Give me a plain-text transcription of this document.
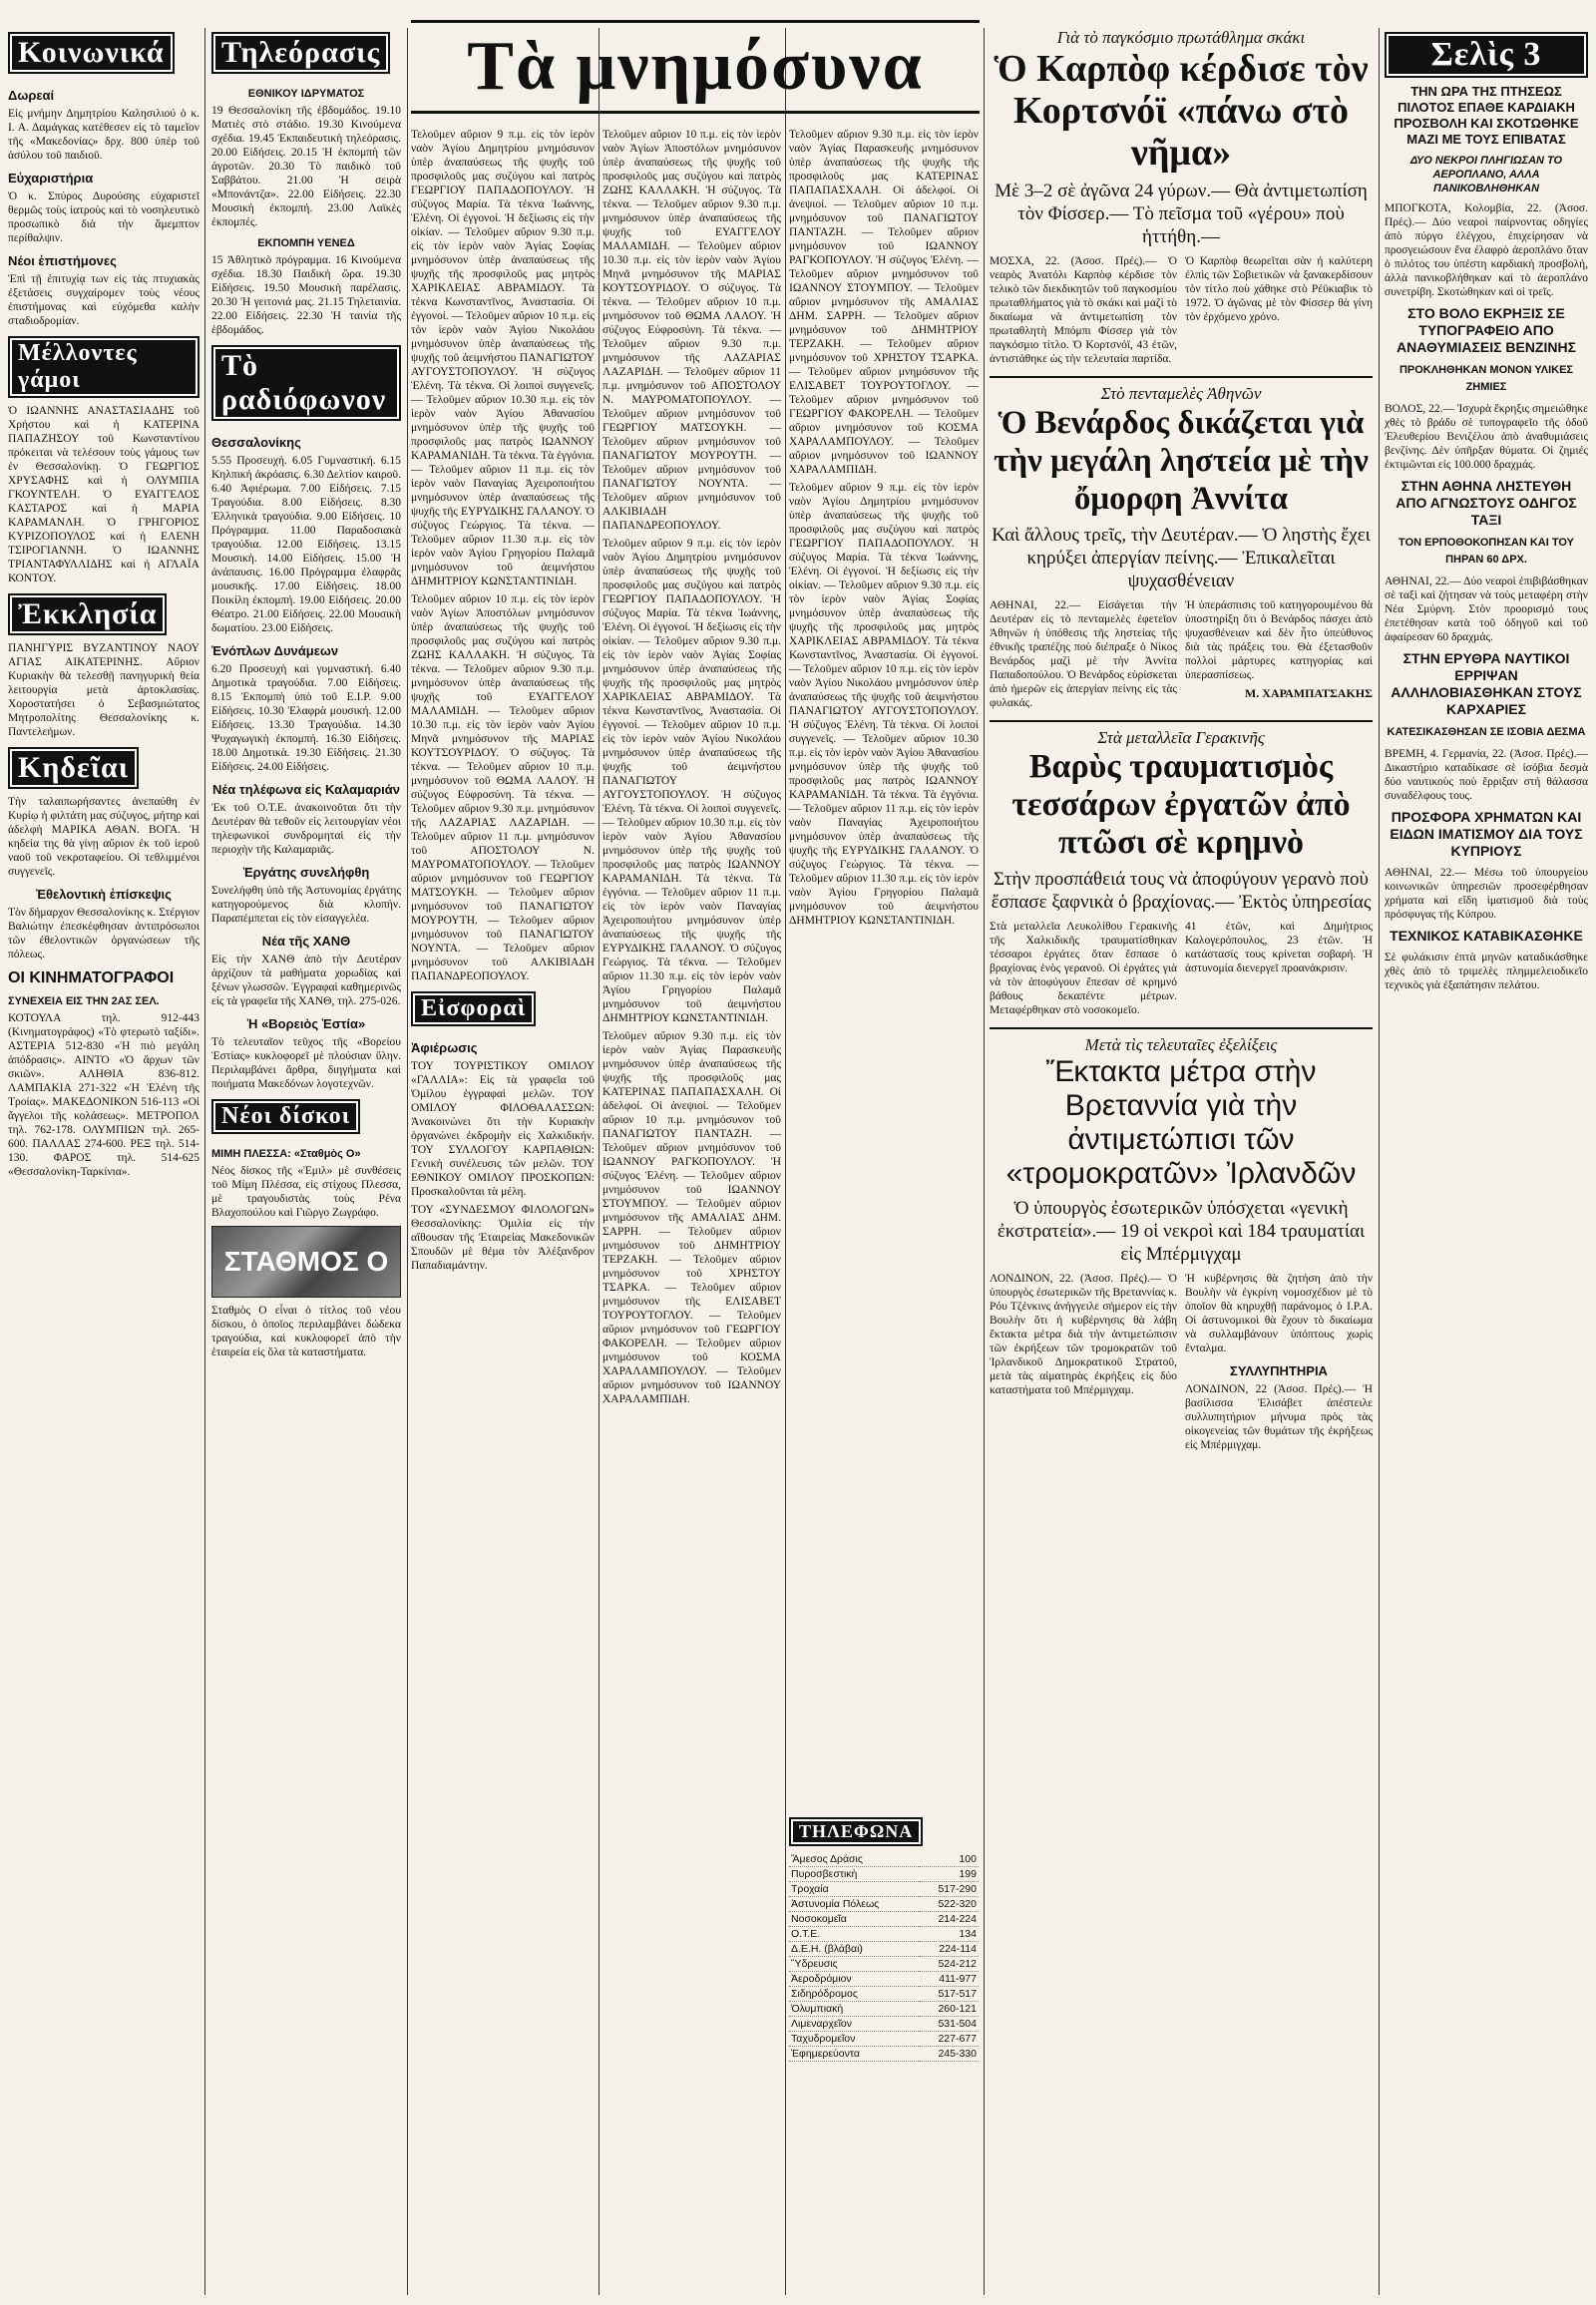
Κοινωνικά
Δωρεαί

Εἰς μνήμην Δημητρίου Καλησιλιού ὁ κ. Ι. Α. Δαμάγκας κατέθεσεν εἰς τὸ ταμεῖον τῆς «Μακεδονίας» δρχ. 800 ὑπὲρ τοῦ ἀσύλου τοῦ παιδιοῦ.

Εὐχαριστήρια

Ὁ κ. Σπύρος Δυρούσης εὐχαριστεῖ θερμῶς τοὺς ἰατροὺς καὶ τὸ νοσηλευτικὸ προσωπικὸ διὰ τὴν ἄμεμπτον περίθαλψιν.

Νέοι ἐπιστήμονες

Ἐπὶ τῇ ἐπιτυχίᾳ των εἰς τὰς πτυχιακὰς ἐξετάσεις συγχαίρομεν τοὺς νέους ἐπιστήμονας καὶ εὐχόμεθα καλὴν σταδιοδρομίαν.

Μέλλοντες γάμοι

Ὁ ΙΩΑΝΝΗΣ ΑΝΑΣΤΑΣΙΑΔΗΣ τοῦ Χρήστου καὶ ἡ ΚΑΤΕΡΙΝΑ ΠΑΠΑΖΗΣΟΥ τοῦ Κωνσταντίνου πρόκειται νὰ τελέσουν τοὺς γάμους των ἐν Θεσσαλονίκῃ. Ὁ ΓΕΩΡΓΙΟΣ ΧΡΥΣΑΦΗΣ καὶ ἡ ΟΛΥΜΠΙΑ ΓΚΟΥΝΤΕΛΗ. Ὁ ΕΥΑΓΓΕΛΟΣ ΚΑΣΤΑΡΟΣ καὶ ἡ ΜΑΡΙΑ ΚΑΡΑΜΑΝΛΗ. Ὁ ΓΡΗΓΟΡΙΟΣ ΚΥΡΙΖΟΠΟΥΛΟΣ καὶ ἡ ΕΛΕΝΗ ΤΣΙΡΟΓΙΑΝΝΗ. Ὁ ΙΩΑΝΝΗΣ ΤΡΙΑΝΤΑΦΥΛΛΙΔΗΣ καὶ ἡ ΑΓΛΑΪΑ ΚΟΝΤΟΥ.

Ἐκκλησία

ΠΑΝΗΓΥΡΙΣ ΒΥΖΑΝΤΙΝΟΥ ΝΑΟΥ ΑΓΙΑΣ ΑΙΚΑΤΕΡΙΝΗΣ. Αὔριον Κυριακὴν θὰ τελεσθῇ πανηγυρικὴ θεία λειτουργία μετὰ ἀρτοκλασίας. Χοροστατήσει ὁ Σεβασμιώτατος Μητροπολίτης Θεσσαλονίκης κ. Παντελεήμων.

Κηδεῖαι

Τὴν ταλαιπωρήσαντες ἀνεπαύθη ἐν Κυρίῳ ἡ φιλτάτη μας σύζυγος, μήτηρ καὶ ἀδελφὴ ΜΑΡΙΚΑ ΑΘΑΝ. ΒΟΓΑ. Ἡ κηδεία της θὰ γίνῃ αὔριον ἐκ τοῦ ἱεροῦ ναοῦ τοῦ νεκροταφείου. Οἱ τεθλιμμένοι συγγενεῖς.

Ἐθελοντικὴ ἐπίσκεψις

Τὸν δήμαρχον Θεσσαλονίκης κ. Στέργιον Βαλιώτην ἐπεσκέφθησαν ἀντιπρόσωποι τῶν ἐθελοντικῶν ὀργανώσεων τῆς πόλεως.

ΟΙ ΚΙΝΗΜΑΤΟΓΡΑΦΟΙ
ΣΥΝΕΧΕΙΑ ΕΙΣ ΤΗΝ 2ΑΣ ΣΕΛ.

ΚΟΤΟΥΛΑ τηλ. 912-443 (Κινηματογράφος) «Τὸ φτερωτὸ ταξίδι». ΑΣΤΕΡΙΑ 512-830 «Ἡ πιὸ μεγάλη ἀπόδρασις». ΑΙΝΤΟ «Ὁ ἄρχων τῶν σκιῶν». ΑΛΗΘΙΑ 836-812. ΛΑΜΠΑΚΙΑ 271-322 «Ἡ Ἑλένη τῆς Τροίας». ΜΑΚΕΔΟΝΙΚΟΝ 516-113 «Οἱ ἄγγελοι τῆς κολάσεως». ΜΕΤΡΟΠΟΛ τηλ. 762-178. ΟΛΥΜΠΙΩΝ τηλ. 265-600. ΠΑΛΛΑΣ 274-600. ΡΕΞ τηλ. 514-130. ΦΑΡΟΣ τηλ. 514-625 «Θεσσαλονίκη-Ταρκίνια».

Τηλεόρασις
ΕΘΝΙΚΟΥ ΙΔΡΥΜΑΤΟΣ

19 Θεσσαλονίκη τῆς ἑβδομάδος. 19.10 Ματιὲς στὸ στάδιο. 19.30 Κινούμενα σχέδια. 19.45 Ἐκπαιδευτικὴ τηλεόρασις. 20.00 Εἰδήσεις. 20.15 Ἡ ἐκπομπὴ τῶν ἀγροτῶν. 20.30 Τὸ παιδικὸ τοῦ Σαββάτου. 21.00 Ἡ σειρὰ «Μπονάντζα». 22.00 Εἰδήσεις. 22.30 Μουσικὴ ἐκπομπή. 23.00 Λαϊκὲς ἐκπομπές.

ΕΚΠΟΜΠΗ ΥΕΝΕΔ

15 Ἀθλητικὸ πρόγραμμα. 16 Κινούμενα σχέδια. 18.30 Παιδικὴ ὥρα. 19.30 Εἰδήσεις. 19.50 Μουσικὴ παρέλασις. 20.30 Ἡ γειτονιά μας. 21.15 Τηλεταινία. 22.00 Εἰδήσεις. 22.30 Ἡ ταινία τῆς ἑβδομάδος.

Τὸ ραδιόφωνον
Θεσσαλονίκης

5.55 Προσευχή. 6.05 Γυμναστική. 6.15 Κηλπική ἀκρόασις. 6.30 Δελτίον καιροῦ. 6.40 Ἀφιέρωμα. 7.00 Εἰδήσεις. 7.15 Τραγούδια. 8.00 Εἰδήσεις. 8.30 Ἑλληνικὰ τραγούδια. 9.00 Εἰδήσεις. 10 Πρόγραμμα. 11.00 Παραδοσιακὰ τραγούδια. 12.00 Εἰδήσεις. 13.15 Μουσικὴ. 14.00 Εἰδήσεις. 15.00 Ἡ ἀνάπαυσις. 16.00 Πρόγραμμα ἐλαφρᾶς μουσικῆς. 17.00 Εἰδήσεις. 18.00 Ποικίλη ἐκπομπή. 19.00 Εἰδήσεις. 20.00 Θέατρο. 21.00 Εἰδήσεις. 22.00 Μουσικὴ δωματίου. 23.00 Εἰδήσεις.

Ἐνόπλων Δυνάμεων

6.20 Προσευχὴ καὶ γυμναστική. 6.40 Δημοτικὰ τραγούδια. 7.00 Εἰδήσεις. 8.15 Ἐκπομπὴ ὑπὸ τοῦ Ε.Ι.Ρ. 9.00 Εἰδήσεις. 10.30 Ἐλαφρὰ μουσική. 12.00 Εἰδήσεις. 13.30 Τραγούδια. 14.30 Ψυχαγωγικὴ ἐκπομπή. 16.30 Εἰδήσεις. 18.00 Δημοτικὰ. 19.30 Εἰδήσεις. 21.30 Εἰδήσεις. 24.00 Εἰδήσεις.

Νέα τηλέφωνα εἰς Καλαμαριάν

Ἐκ τοῦ Ο.Τ.Ε. ἀνακοινοῦται ὅτι τὴν Δευτέραν θὰ τεθοῦν εἰς λειτουργίαν νέοι τηλεφωνικοὶ συνδρομηταὶ εἰς τὴν περιοχὴν τῆς Καλαμαριᾶς.

Ἐργάτης συνελήφθη

Συνελήφθη ὑπὸ τῆς Ἀστυνομίας ἐργάτης κατηγορούμενος διὰ κλοπήν. Παραπέμπεται εἰς τὸν εἰσαγγελέα.

Νέα τῆς ΧΑΝΘ

Εἰς τὴν ΧΑΝΘ ἀπὸ τὴν Δευτέραν ἀρχίζουν τὰ μαθήματα χορωδίας καὶ ξένων γλωσσῶν. Ἐγγραφαὶ καθημερινῶς εἰς τὰ γραφεῖα τῆς ΧΑΝΘ, τηλ. 275-026.

Ἡ «Βορειὸς Ἑστία»

Τὸ τελευταῖον τεῦχος τῆς «Βορείου Ἑστίας» κυκλοφορεῖ μὲ πλούσιαν ὕλην. Περιλαμβάνει ἄρθρα, διηγήματα καὶ ποιήματα Μακεδόνων λογοτεχνῶν.

Νέοι δίσκοι
ΜΙΜΗ ΠΛΕΣΣΑ: «Σταθμὸς Ο»

Νέος δίσκος τῆς «Ἐμιλ» μὲ συνθέσεις τοῦ Μίμη Πλέσσα, εἰς στίχους Πλεσσα, μὲ τραγουδιστὰς τοὺς Ρένα Βλαχοπούλου καὶ Γιῶργο Ζωγράφο.

ΣΤΑΘΜΟΣ Ο

Σταθμὸς Ο εἶναι ὁ τίτλος τοῦ νέου δίσκου, ὁ ὁποῖος περιλαμβάνει δώδεκα τραγούδια, καὶ κυκλοφορεῖ ἀπὸ τὴν ἑταιρεία εἰς ὅλα τὰ καταστήματα.

Τὰ μνημόσυνα

Τελοῦμεν αὔριον 9 π.μ. εἰς τὸν ἱερὸν ναὸν Ἁγίου Δημητρίου μνημόσυνον ὑπὲρ ἀναπαύσεως τῆς ψυχῆς τοῦ προσφιλοῦς μας συζύγου καὶ πατρὸς ΓΕΩΡΓΙΟΥ ΠΑΠΑΔΟΠΟΥΛΟΥ. Ἡ σύζυγος Μαρία. Τὰ τέκνα Ἰωάννης, Ἑλένη. Οἱ ἐγγονοί. Ἡ δεξίωσις εἰς τὴν οἰκίαν. — Τελοῦμεν αὔριον 9.30 π.μ. εἰς τὸν ἱερὸν ναὸν Ἁγίας Σοφίας μνημόσυνον ὑπὲρ ἀναπαύσεως τῆς ψυχῆς τῆς προσφιλοῦς μας μητρὸς ΧΑΡΙΚΛΕΙΑΣ ΑΒΡΑΜΙΔΟΥ. Τὰ τέκνα Κωνσταντῖνος, Ἀναστασία. Οἱ ἐγγονοί. — Τελοῦμεν αὔριον 10 π.μ. εἰς τὸν ἱερὸν ναὸν Ἁγίου Νικολάου μνημόσυνον ὑπὲρ ἀναπαύσεως τῆς ψυχῆς τοῦ ἀειμνήστου ΠΑΝΑΓΙΩΤΟΥ ΑΥΓΟΥΣΤΟΠΟΥΛΟΥ. Ἡ σύζυγος Ἑλένη. Τὰ τέκνα. Οἱ λοιποὶ συγγενεῖς. — Τελοῦμεν αὔριον 10.30 π.μ. εἰς τὸν ἱερὸν ναὸν Ἁγίου Ἀθανασίου μνημόσυνον ὑπὲρ τῆς ψυχῆς τοῦ προσφιλοῦς μας πατρὸς ΙΩΑΝΝΟΥ ΚΑΡΑΜΑΝΙΔΗ. Τὰ τέκνα. Τὰ ἐγγόνια. — Τελοῦμεν αὔριον 11 π.μ. εἰς τὸν ἱερὸν ναὸν Παναγίας Ἀχειροποιήτου μνημόσυνον ὑπὲρ ἀναπαύσεως τῆς ψυχῆς τῆς ΕΥΡΥΔΙΚΗΣ ΓΑΛΑΝΟΥ. Ὁ σύζυγος Γεώργιος. Τὰ τέκνα. — Τελοῦμεν αὔριον 11.30 π.μ. εἰς τὸν ἱερὸν ναὸν Ἁγίου Γρηγορίου Παλαμᾶ μνημόσυνον τοῦ ἀειμνήστου ΔΗΜΗΤΡΙΟΥ ΚΩΝΣΤΑΝΤΙΝΙΔΗ.

Τελοῦμεν αὔριον 10 π.μ. εἰς τὸν ἱερὸν ναὸν Ἁγίων Ἀποστόλων μνημόσυνον ὑπὲρ ἀναπαύσεως τῆς ψυχῆς τοῦ προσφιλοῦς μας συζύγου καὶ πατρὸς ΖΩΗΣ ΚΑΛΛΑΚΗ. Ἡ σύζυγος. Τὰ τέκνα. — Τελοῦμεν αὔριον 9.30 π.μ. μνημόσυνον ὑπὲρ ἀναπαύσεως τῆς ψυχῆς τοῦ ΕΥΑΓΓΕΛΟΥ ΜΑΛΑΜΙΔΗ. — Τελοῦμεν αὔριον 10.30 π.μ. εἰς τὸν ἱερὸν ναὸν Ἁγίου Μηνᾶ μνημόσυνον τῆς ΜΑΡΙΑΣ ΚΟΥΤΣΟΥΡΙΔΟΥ. Ὁ σύζυγος. Τὰ τέκνα. — Τελοῦμεν αὔριον 10 π.μ. μνημόσυνον τοῦ ΘΩΜΑ ΛΑΛΟΥ. Ἡ σύζυγος Εὐφροσύνη. Τὰ τέκνα. — Τελοῦμεν αὔριον 9.30 π.μ. μνημόσυνον τῆς ΛΑΖΑΡΙΑΣ ΛΑΖΑΡΙΔΗ. — Τελοῦμεν αὔριον 11 π.μ. μνημόσυνον τοῦ ΑΠΟΣΤΟΛΟΥ Ν. ΜΑΥΡΟΜΑΤΟΠΟΥΛΟΥ. — Τελοῦμεν αὔριον μνημόσυνον τοῦ ΓΕΩΡΓΙΟΥ ΜΑΤΣΟΥΚΗ. — Τελοῦμεν αὔριον μνημόσυνον τοῦ ΠΑΝΑΓΙΩΤΟΥ ΜΟΥΡΟΥΤΗ. — Τελοῦμεν αὔριον μνημόσυνον τοῦ ΠΑΝΑΓΙΩΤΟΥ ΝΟΥΝΤΑ. — Τελοῦμεν αὔριον μνημόσυνον τοῦ ΑΛΚΙΒΙΑΔΗ ΠΑΠΑΝΔΡΕΟΠΟΥΛΟΥ.

Εἰσφοραὶ
Ἀφιέρωσις

ΤΟΥ ΤΟΥΡΙΣΤΙΚΟΥ ΟΜΙΛΟΥ «ΓΑΛΛΙΑ»: Εἰς τὰ γραφεῖα τοῦ Ὁμίλου ἐγγραφαὶ μελῶν. ΤΟΥ ΟΜΙΛΟΥ ΦΙΛΟΘΑΛΑΣΣΩΝ: Ἀνακοινώνει ὅτι τὴν Κυριακὴν ὀργανώνει ἐκδρομὴν εἰς Χαλκιδικήν. ΤΟΥ ΣΥΛΛΟΓΟΥ ΚΑΡΠΑΘΙΩΝ: Γενικὴ συνέλευσις τῶν μελῶν. ΤΟΥ ΕΘΝΙΚΟΥ ΟΜΙΛΟΥ ΠΡΟΣΚΟΠΩΝ: Προσκαλοῦνται τὰ μέλη.

ΤΟΥ «ΣΥΝΔΕΣΜΟΥ ΦΙΛΟΛΟΓΩΝ» Θεσσαλονίκης: Ὁμιλία εἰς τὴν αἴθουσαν τῆς Ἑταιρείας Μακεδονικῶν Σπουδῶν μὲ θέμα τὸν Ἀλέξανδρον Παπαδιαμάντην.

Τελοῦμεν αὔριον 10 π.μ. εἰς τὸν ἱερὸν ναὸν Ἁγίων Ἀποστόλων μνημόσυνον ὑπὲρ ἀναπαύσεως τῆς ψυχῆς τοῦ προσφιλοῦς μας συζύγου καὶ πατρὸς ΖΩΗΣ ΚΑΛΛΑΚΗ. Ἡ σύζυγος. Τὰ τέκνα. — Τελοῦμεν αὔριον 9.30 π.μ. μνημόσυνον ὑπὲρ ἀναπαύσεως τῆς ψυχῆς τοῦ ΕΥΑΓΓΕΛΟΥ ΜΑΛΑΜΙΔΗ. — Τελοῦμεν αὔριον 10.30 π.μ. εἰς τὸν ἱερὸν ναὸν Ἁγίου Μηνᾶ μνημόσυνον τῆς ΜΑΡΙΑΣ ΚΟΥΤΣΟΥΡΙΔΟΥ. Ὁ σύζυγος. Τὰ τέκνα. — Τελοῦμεν αὔριον 10 π.μ. μνημόσυνον τοῦ ΘΩΜΑ ΛΑΛΟΥ. Ἡ σύζυγος Εὐφροσύνη. Τὰ τέκνα. — Τελοῦμεν αὔριον 9.30 π.μ. μνημόσυνον τῆς ΛΑΖΑΡΙΑΣ ΛΑΖΑΡΙΔΗ. — Τελοῦμεν αὔριον 11 π.μ. μνημόσυνον τοῦ ΑΠΟΣΤΟΛΟΥ Ν. ΜΑΥΡΟΜΑΤΟΠΟΥΛΟΥ. — Τελοῦμεν αὔριον μνημόσυνον τοῦ ΓΕΩΡΓΙΟΥ ΜΑΤΣΟΥΚΗ. — Τελοῦμεν αὔριον μνημόσυνον τοῦ ΠΑΝΑΓΙΩΤΟΥ ΜΟΥΡΟΥΤΗ. — Τελοῦμεν αὔριον μνημόσυνον τοῦ ΠΑΝΑΓΙΩΤΟΥ ΝΟΥΝΤΑ. — Τελοῦμεν αὔριον μνημόσυνον τοῦ ΑΛΚΙΒΙΑΔΗ ΠΑΠΑΝΔΡΕΟΠΟΥΛΟΥ.

Τελοῦμεν αὔριον 9 π.μ. εἰς τὸν ἱερὸν ναὸν Ἁγίου Δημητρίου μνημόσυνον ὑπὲρ ἀναπαύσεως τῆς ψυχῆς τοῦ προσφιλοῦς μας συζύγου καὶ πατρὸς ΓΕΩΡΓΙΟΥ ΠΑΠΑΔΟΠΟΥΛΟΥ. Ἡ σύζυγος Μαρία. Τὰ τέκνα Ἰωάννης, Ἑλένη. Οἱ ἐγγονοί. Ἡ δεξίωσις εἰς τὴν οἰκίαν. — Τελοῦμεν αὔριον 9.30 π.μ. εἰς τὸν ἱερὸν ναὸν Ἁγίας Σοφίας μνημόσυνον ὑπὲρ ἀναπαύσεως τῆς ψυχῆς τῆς προσφιλοῦς μας μητρὸς ΧΑΡΙΚΛΕΙΑΣ ΑΒΡΑΜΙΔΟΥ. Τὰ τέκνα Κωνσταντῖνος, Ἀναστασία. Οἱ ἐγγονοί. — Τελοῦμεν αὔριον 10 π.μ. εἰς τὸν ἱερὸν ναὸν Ἁγίου Νικολάου μνημόσυνον ὑπὲρ ἀναπαύσεως τῆς ψυχῆς τοῦ ἀειμνήστου ΠΑΝΑΓΙΩΤΟΥ ΑΥΓΟΥΣΤΟΠΟΥΛΟΥ. Ἡ σύζυγος Ἑλένη. Τὰ τέκνα. Οἱ λοιποὶ συγγενεῖς. — Τελοῦμεν αὔριον 10.30 π.μ. εἰς τὸν ἱερὸν ναὸν Ἁγίου Ἀθανασίου μνημόσυνον ὑπὲρ τῆς ψυχῆς τοῦ προσφιλοῦς μας πατρὸς ΙΩΑΝΝΟΥ ΚΑΡΑΜΑΝΙΔΗ. Τὰ τέκνα. Τὰ ἐγγόνια. — Τελοῦμεν αὔριον 11 π.μ. εἰς τὸν ἱερὸν ναὸν Παναγίας Ἀχειροποιήτου μνημόσυνον ὑπὲρ ἀναπαύσεως τῆς ψυχῆς τῆς ΕΥΡΥΔΙΚΗΣ ΓΑΛΑΝΟΥ. Ὁ σύζυγος Γεώργιος. Τὰ τέκνα. — Τελοῦμεν αὔριον 11.30 π.μ. εἰς τὸν ἱερὸν ναὸν Ἁγίου Γρηγορίου Παλαμᾶ μνημόσυνον τοῦ ἀειμνήστου ΔΗΜΗΤΡΙΟΥ ΚΩΝΣΤΑΝΤΙΝΙΔΗ.

Τελοῦμεν αὔριον 9.30 π.μ. εἰς τὸν ἱερὸν ναὸν Ἁγίας Παρασκευῆς μνημόσυνον ὑπὲρ ἀναπαύσεως τῆς ψυχῆς τῆς προσφιλοῦς μας ΚΑΤΕΡΙΝΑΣ ΠΑΠΑΠΑΣΧΑΛΗ. Οἱ ἀδελφοί. Οἱ ἀνεψιοί. — Τελοῦμεν αὔριον 10 π.μ. μνημόσυνον τοῦ ΠΑΝΑΓΙΩΤΟΥ ΠΑΝΤΑΖΗ. — Τελοῦμεν αὔριον μνημόσυνον τοῦ ΙΩΑΝΝΟΥ ΡΑΓΚΟΠΟΥΛΟΥ. Ἡ σύζυγος Ἑλένη. — Τελοῦμεν αὔριον μνημόσυνον τοῦ ΙΩΑΝΝΟΥ ΣΤΟΥΜΠΟΥ. — Τελοῦμεν αὔριον μνημόσυνον τῆς ΑΜΑΛΙΑΣ ΔΗΜ. ΣΑΡΡΗ. — Τελοῦμεν αὔριον μνημόσυνον τοῦ ΔΗΜΗΤΡΙΟΥ ΤΕΡΖΑΚΗ. — Τελοῦμεν αὔριον μνημόσυνον τοῦ ΧΡΗΣΤΟΥ ΤΣΑΡΚΑ. — Τελοῦμεν αὔριον μνημόσυνον τῆς ΕΛΙΣΑΒΕΤ ΤΟΥΡΟΥΤΟΓΛΟΥ. — Τελοῦμεν αὔριον μνημόσυνον τοῦ ΓΕΩΡΓΙΟΥ ΦΑΚΟΡΕΛΗ. — Τελοῦμεν αὔριον μνημόσυνον τοῦ ΚΟΣΜΑ ΧΑΡΑΛΑΜΠΟΥΛΟΥ. — Τελοῦμεν αὔριον μνημόσυνον τοῦ ΙΩΑΝΝΟΥ ΧΑΡΑΛΑΜΠΙΔΗ.

Τελοῦμεν αὔριον 9.30 π.μ. εἰς τὸν ἱερὸν ναὸν Ἁγίας Παρασκευῆς μνημόσυνον ὑπὲρ ἀναπαύσεως τῆς ψυχῆς τῆς προσφιλοῦς μας ΚΑΤΕΡΙΝΑΣ ΠΑΠΑΠΑΣΧΑΛΗ. Οἱ ἀδελφοί. Οἱ ἀνεψιοί. — Τελοῦμεν αὔριον 10 π.μ. μνημόσυνον τοῦ ΠΑΝΑΓΙΩΤΟΥ ΠΑΝΤΑΖΗ. — Τελοῦμεν αὔριον μνημόσυνον τοῦ ΙΩΑΝΝΟΥ ΡΑΓΚΟΠΟΥΛΟΥ. Ἡ σύζυγος Ἑλένη. — Τελοῦμεν αὔριον μνημόσυνον τοῦ ΙΩΑΝΝΟΥ ΣΤΟΥΜΠΟΥ. — Τελοῦμεν αὔριον μνημόσυνον τῆς ΑΜΑΛΙΑΣ ΔΗΜ. ΣΑΡΡΗ. — Τελοῦμεν αὔριον μνημόσυνον τοῦ ΔΗΜΗΤΡΙΟΥ ΤΕΡΖΑΚΗ. — Τελοῦμεν αὔριον μνημόσυνον τοῦ ΧΡΗΣΤΟΥ ΤΣΑΡΚΑ. — Τελοῦμεν αὔριον μνημόσυνον τῆς ΕΛΙΣΑΒΕΤ ΤΟΥΡΟΥΤΟΓΛΟΥ. — Τελοῦμεν αὔριον μνημόσυνον τοῦ ΓΕΩΡΓΙΟΥ ΦΑΚΟΡΕΛΗ. — Τελοῦμεν αὔριον μνημόσυνον τοῦ ΚΟΣΜΑ ΧΑΡΑΛΑΜΠΟΥΛΟΥ. — Τελοῦμεν αὔριον μνημόσυνον τοῦ ΙΩΑΝΝΟΥ ΧΑΡΑΛΑΜΠΙΔΗ.

Τελοῦμεν αὔριον 9 π.μ. εἰς τὸν ἱερὸν ναὸν Ἁγίου Δημητρίου μνημόσυνον ὑπὲρ ἀναπαύσεως τῆς ψυχῆς τοῦ προσφιλοῦς μας συζύγου καὶ πατρὸς ΓΕΩΡΓΙΟΥ ΠΑΠΑΔΟΠΟΥΛΟΥ. Ἡ σύζυγος Μαρία. Τὰ τέκνα Ἰωάννης, Ἑλένη. Οἱ ἐγγονοί. Ἡ δεξίωσις εἰς τὴν οἰκίαν. — Τελοῦμεν αὔριον 9.30 π.μ. εἰς τὸν ἱερὸν ναὸν Ἁγίας Σοφίας μνημόσυνον ὑπὲρ ἀναπαύσεως τῆς ψυχῆς τῆς προσφιλοῦς μας μητρὸς ΧΑΡΙΚΛΕΙΑΣ ΑΒΡΑΜΙΔΟΥ. Τὰ τέκνα Κωνσταντῖνος, Ἀναστασία. Οἱ ἐγγονοί. — Τελοῦμεν αὔριον 10 π.μ. εἰς τὸν ἱερὸν ναὸν Ἁγίου Νικολάου μνημόσυνον ὑπὲρ ἀναπαύσεως τῆς ψυχῆς τοῦ ἀειμνήστου ΠΑΝΑΓΙΩΤΟΥ ΑΥΓΟΥΣΤΟΠΟΥΛΟΥ. Ἡ σύζυγος Ἑλένη. Τὰ τέκνα. Οἱ λοιποὶ συγγενεῖς. — Τελοῦμεν αὔριον 10.30 π.μ. εἰς τὸν ἱερὸν ναὸν Ἁγίου Ἀθανασίου μνημόσυνον ὑπὲρ τῆς ψυχῆς τοῦ προσφιλοῦς μας πατρὸς ΙΩΑΝΝΟΥ ΚΑΡΑΜΑΝΙΔΗ. Τὰ τέκνα. Τὰ ἐγγόνια. — Τελοῦμεν αὔριον 11 π.μ. εἰς τὸν ἱερὸν ναὸν Παναγίας Ἀχειροποιήτου μνημόσυνον ὑπὲρ ἀναπαύσεως τῆς ψυχῆς τῆς ΕΥΡΥΔΙΚΗΣ ΓΑΛΑΝΟΥ. Ὁ σύζυγος Γεώργιος. Τὰ τέκνα. — Τελοῦμεν αὔριον 11.30 π.μ. εἰς τὸν ἱερὸν ναὸν Ἁγίου Γρηγορίου Παλαμᾶ μνημόσυνον τοῦ ἀειμνήστου ΔΗΜΗΤΡΙΟΥ ΚΩΝΣΤΑΝΤΙΝΙΔΗ.

ΤΗΛΕΦΩΝΑ
Ἄμεσος Δράσις	100
Πυροσβεστικὴ	199
Τροχαία	517-290
Ἀστυνομία Πόλεως	522-320
Νοσοκομεῖα	214-224
Ο.Τ.Ε.	134
Δ.Ε.Η. (βλάβαι)	224-114
Ὕδρευσις	524-212
Ἀεροδρόμιον	411-977
Σιδηρόδρομος	517-517
Ὀλυμπιακὴ	260-121
Λιμεναρχεῖον	531-504
Ταχυδρομεῖον	227-677
Ἐφημερεύοντα	245-330
Γιὰ τὸ παγκόσμιο πρωτάθλημα σκάκι
Ὁ Καρπὸφ κέρδισε τὸν Κορτσνόϊ «πάνω στὸ νῆμα»
Μὲ 3–2 σὲ ἀγῶνα 24 γύρων.— Θὰ ἀντιμετωπίση τὸν Φίσσερ.— Τὸ πεῖσμα τοῦ «γέρου» ποὺ ἡττήθη.—

ΜΟΣΧΑ, 22. (Ἀσοσ. Πρές).— Ὁ νεαρὸς Ἀνατόλι Καρπὸφ κέρδισε τὸν τελικὸ τῶν διεκδικητῶν τοῦ παγκοσμίου πρωταθλήματος γιὰ τὸ σκάκι καὶ μαζὶ τὸ δικαίωμα νὰ ἀντιμετωπίση τὸν πρωταθλητὴ Μπόμπι Φίσσερ γιὰ τὸν παγκόσμιο τίτλο. Ὁ Κορτσνόϊ, 43 ἐτῶν, ἀντιστάθηκε ὡς τὴν τελευταία παρτίδα.

Ὁ Καρπὸφ θεωρεῖται σὰν ἡ καλύτερη ἐλπὶς τῶν Σοβιετικῶν νὰ ξανακερδίσουν τὸν τίτλο ποὺ χάθηκε στὸ Ρέϋκιαβικ τὸ 1972. Ὁ ἀγῶνας μὲ τὸν Φίσσερ θὰ γίνη τὸν ἐρχόμενο χρόνο.

Στὸ πενταμελὲς Ἀθηνῶν
Ὁ Βενάρδος δικάζεται γιὰ τὴν μεγάλη ληστεία μὲ τὴν ὄμορφη Ἀννίτα
Καὶ ἄλλους τρεῖς, τὴν Δευτέραν.— Ὁ ληστὴς ἔχει κηρύξει ἀπεργίαν πείνης.— Ἐπικαλεῖται ψυχασθένειαν

ΑΘΗΝΑΙ, 22.— Εἰσάγεται τὴν Δευτέραν εἰς τὸ πενταμελὲς ἐφετεῖον Ἀθηνῶν ἡ ὑπόθεσις τῆς ληστείας τῆς ἐθνικῆς τραπέζης ποὺ διέπραξε ὁ Νίκος Βενάρδος μαζὶ μὲ τὴν Ἀννίτα Παπαδοπούλου. Ὁ Βενάρδος εὑρίσκεται ἀπὸ ἡμερῶν εἰς ἀπεργίαν πείνης εἰς τὰς φυλακάς.

Ἡ ὑπεράσπισις τοῦ κατηγορουμένου θὰ ὑποστηρίξη ὅτι ὁ Βενάρδος πάσχει ἀπὸ ψυχασθένειαν καὶ δὲν ἦτο ὑπεύθυνος διὰ τὰς πράξεις του. Θὰ ἐξετασθοῦν πολλοὶ μάρτυρες κατηγορίας καὶ ὑπερασπίσεως.

Μ. ΧΑΡΑΜΠΑΤΣΑΚΗΣ
Στὰ μεταλλεῖα Γερακινῆς
Βαρὺς τραυματισμὸς τεσσάρων ἐργατῶν ἀπὸ πτῶσι σὲ κρημνὸ
Στὴν προσπάθειά τους νὰ ἀποφύγουν γερανὸ ποὺ ἔσπασε ξαφνικὰ ὁ βραχίονας.— Ἐκτὸς ὑπηρεσίας

Στὰ μεταλλεῖα Λευκολίθου Γερακινῆς τῆς Χαλκιδικῆς τραυματίσθηκαν τέσσαροι ἐργάτες ὅταν ἔσπασε ὁ βραχίονας ἑνὸς γερανοῦ. Οἱ ἐργάτες γιὰ νὰ τὸν ἀποφύγουν ἔπεσαν σὲ κρημνό βάθους δεκαπέντε μέτρων. Μεταφέρθηκαν στὸ νοσοκομεῖο.

41 ἐτῶν, καὶ Δημήτριος Καλογερόπουλος, 23 ἐτῶν. Ἡ κατάστασίς τους κρίνεται σοβαρή. Ἡ ἀστυνομία διενεργεῖ προανάκρισιν.

Μετὰ τὶς τελευταῖες ἐξελίξεις
Ἔκτακτα μέτρα στὴν Βρεταννία γιὰ τὴν ἀντιμετώπισι τῶν «τρομοκρατῶν» Ἰρλανδῶν
Ὁ ὑπουργὸς ἐσωτερικῶν ὑπόσχεται «γενικὴ ἐκστρατεία».— 19 οἱ νεκροὶ καὶ 184 τραυματίαι εἰς Μπέρμιγχαμ

ΛΟΝΔΙΝΟΝ, 22. (Ἀσοσ. Πρές).— Ὁ ὑπουργὸς ἐσωτερικῶν τῆς Βρεταννίας κ. Ρόυ Τζένκινς ἀνήγγειλε σήμερον εἰς τὴν Βουλὴν ὅτι ἡ κυβέρνησις θὰ λάβη ἔκτακτα μέτρα διὰ τὴν ἀντιμετώπισιν τῶν ἐκρήξεων τῶν τρομοκρατῶν τοῦ Ἰρλανδικοῦ Δημοκρατικοῦ Στρατοῦ, μετὰ τὰς αἱματηρὰς ἐκρήξεις εἰς δύο καταστήματα τοῦ Μπέρμιγχαμ.

Ἡ κυβέρνησις θὰ ζητήση ἀπὸ τὴν Βουλὴν νὰ ἐγκρίνη νομοσχέδιον μὲ τὸ ὁποῖον θὰ κηρυχθῇ παράνομος ὁ Ι.Ρ.Α. Οἱ ἀστυνομικοὶ θὰ ἔχουν τὸ δικαίωμα νὰ συλλαμβάνουν ὑπόπτους χωρὶς ἔνταλμα.

ΣΥΛΛΥΠΗΤΗΡΙΑ

ΛΟΝΔΙΝΟΝ, 22 (Ἀσοσ. Πρές).— Ἡ βασίλισσα Ἐλισάβετ ἀπέστειλε συλλυπητήριον μήνυμα πρὸς τὰς οἰκογενείας τῶν θυμάτων τῆς ἐκρήξεως εἰς Μπέρμιγχαμ.

Σελὶς 3
ΤΗΝ ΩΡΑ ΤΗΣ ΠΤΗΣΕΩΣ ΠΙΛΟΤΟΣ ΕΠΑΘΕ ΚΑΡΔΙΑΚΗ ΠΡΟΣΒΟΛΗ ΚΑΙ ΣΚΟΤΩΘΗΚΕ ΜΑΖΙ ΜΕ ΤΟΥΣ ΕΠΙΒΑΤΑΣ
ΔΥΟ ΝΕΚΡΟΙ ΠΛΗΓΙΩΣΑΝ ΤΟ ΑΕΡΟΠΛΑΝΟ, ΑΛΛΑ ΠΑΝΙΚΟΒΛΗΘΗΚΑΝ

ΜΠΟΓΚΟΤΑ, Κολομβία, 22. (Ἀσοσ. Πρές).— Δύο νεαροὶ παίρνοντας οδηγίες ἀπὸ πύργο ἐλέγχου, ἐπιχείρησαν νὰ προσγειώσουν ἕνα ἐλαφρὸ ἀεροπλάνο ὅταν ὁ πιλότος του ὑπέστη καρδιακὴ προσβολή, ἀλλὰ πανικοβλήθηκαν καὶ τὸ ἀεροπλάνο συνετρίβη. Σκοτώθηκαν καὶ οἱ τρεῖς.

ΣΤΟ ΒΟΛΟ ΕΚΡΗΞΙΣ ΣΕ ΤΥΠΟΓΡΑΦΕΙΟ ΑΠΟ ΑΝΑΘΥΜΙΑΣΕΙΣ ΒΕΝΖΙΝΗΣ
ΠΡΟΚΛΗΘΗΚΑΝ ΜΟΝΟΝ ΥΛΙΚΕΣ ΖΗΜΙΕΣ

ΒΟΛΟΣ, 22.— Ἰσχυρὰ ἔκρηξις σημειώθηκε χθὲς τὸ βράδυ σὲ τυπογραφεῖο τῆς ὁδοῦ Ἐλευθερίου Βενιζέλου ἀπὸ ἀναθυμιάσεις βενζίνης. Δὲν ὑπῆρξαν θύματα. Οἱ ζημιές ἐκτιμῶνται εἰς 100.000 δραχμάς.

ΣΤΗΝ ΑΘΗΝΑ ΛΗΣΤΕΥΘΗ ΑΠΟ ΑΓΝΩΣΤΟΥΣ ΟΔΗΓΟΣ ΤΑΞΙ
ΤΟΝ ΕΡΠΟΘΟΚΟΠΗΣΑΝ ΚΑΙ ΤΟΥ ΠΗΡΑΝ 60 ΔΡΧ.

ΑΘΗΝΑΙ, 22.— Δύο νεαροὶ ἐπιβιβάσθηκαν σὲ ταξὶ καὶ ζήτησαν νὰ τοὺς μεταφέρη στὴν Νέα Σμύρνη. Στὸν προορισμό τους ἐπετέθησαν κατὰ τοῦ ὁδηγοῦ καὶ τοῦ ἀφαίρεσαν 60 δραχμάς.

ΣΤΗΝ ΕΡΥΘΡΑ ΝΑΥΤΙΚΟΙ ΕΡΡΙΨΑΝ ΑΛΛΗΛΟΒΙΑΣΘΗΚΑΝ ΣΤΟΥΣ ΚΑΡΧΑΡΙΕΣ
ΚΑΤΕΣΙΚΑΣΘΗΣΑΝ ΣΕ ΙΣΟΒΙΑ ΔΕΣΜΑ

ΒΡΕΜΗ, 4. Γερμανία, 22. (Ἀσοσ. Πρές).— Δικαστήριο καταδίκασε σὲ ἰσόβια δεσμὰ δύο ναυτικοὺς ποὺ ἔρριξαν στὴ θάλασσα συναδέλφους τους.

ΠΡΟΣΦΟΡΑ ΧΡΗΜΑΤΩΝ ΚΑΙ ΕΙΔΩΝ ΙΜΑΤΙΣΜΟΥ ΔΙΑ ΤΟΥΣ ΚΥΠΡΙΟΥΣ

ΑΘΗΝΑΙ, 22.— Μέσω τοῦ ὑπουργείου κοινωνικῶν ὑπηρεσιῶν προσεφέρθησαν χρήματα καὶ εἴδη ἱματισμοῦ διὰ τοὺς πρόσφυγας τῆς Κύπρου.

ΤΕΧΝΙΚΟΣ ΚΑΤΑΒΙΚΑΣΘΗΚΕ

Σὲ φυλάκισιν ἐπτὰ μηνῶν καταδικάσθηκε χθὲς ἀπὸ τὸ τριμελὲς πλημμελειοδικεῖο τεχνικὸς γιὰ ἐξαπάτησιν πελάτου.
